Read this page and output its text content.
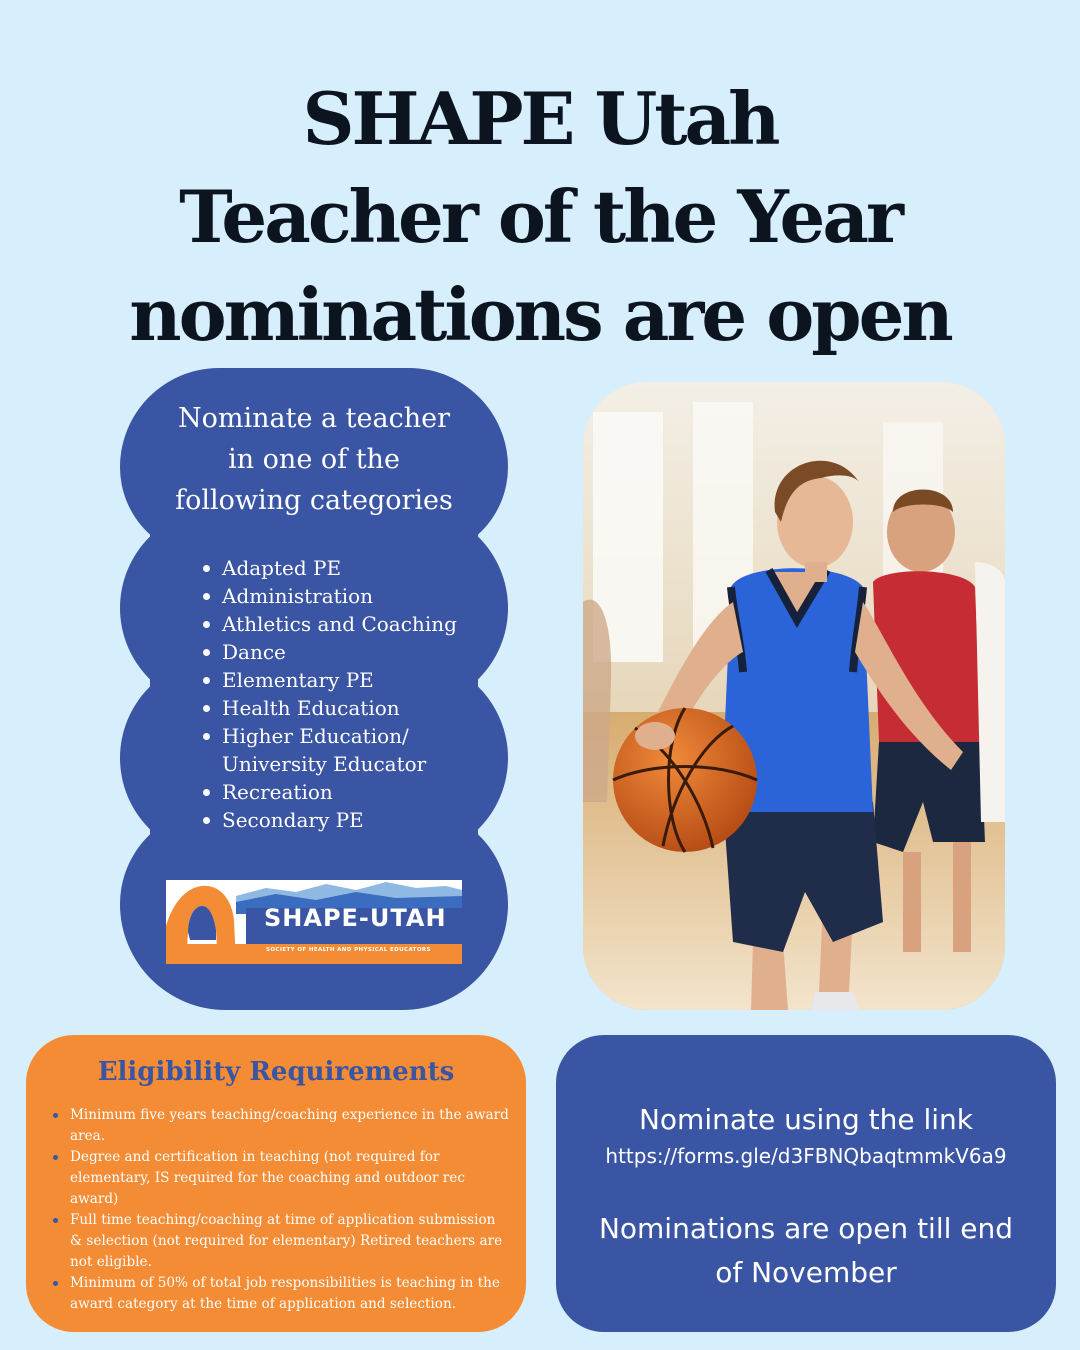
SHAPE Utah
Teacher of the Year
nominations are open
Nominate a teacher
in one of the
following categories
Adapted PE
Administration
Athletics and Coaching
Dance
Elementary PE
Health Education
Higher Education/
University Educator
Recreation
Secondary PE
SHAPE-UTAH
SOCIETY OF HEALTH AND PHYSICAL EDUCATORS
Eligibility Requirements
Minimum five years teaching/coaching experience in the award area.
Degree and certification in teaching (not required for elementary, IS required for the coaching and outdoor rec award)
Full time teaching/coaching at time of application submission & selection (not required for elementary) Retired teachers are not eligible.
Minimum of 50% of total job responsibilities is teaching in the award category at the time of application and selection.
Nominate using the link
https://forms.gle/d3FBNQbaqtmmkV6a9
Nominations are open till end of November
